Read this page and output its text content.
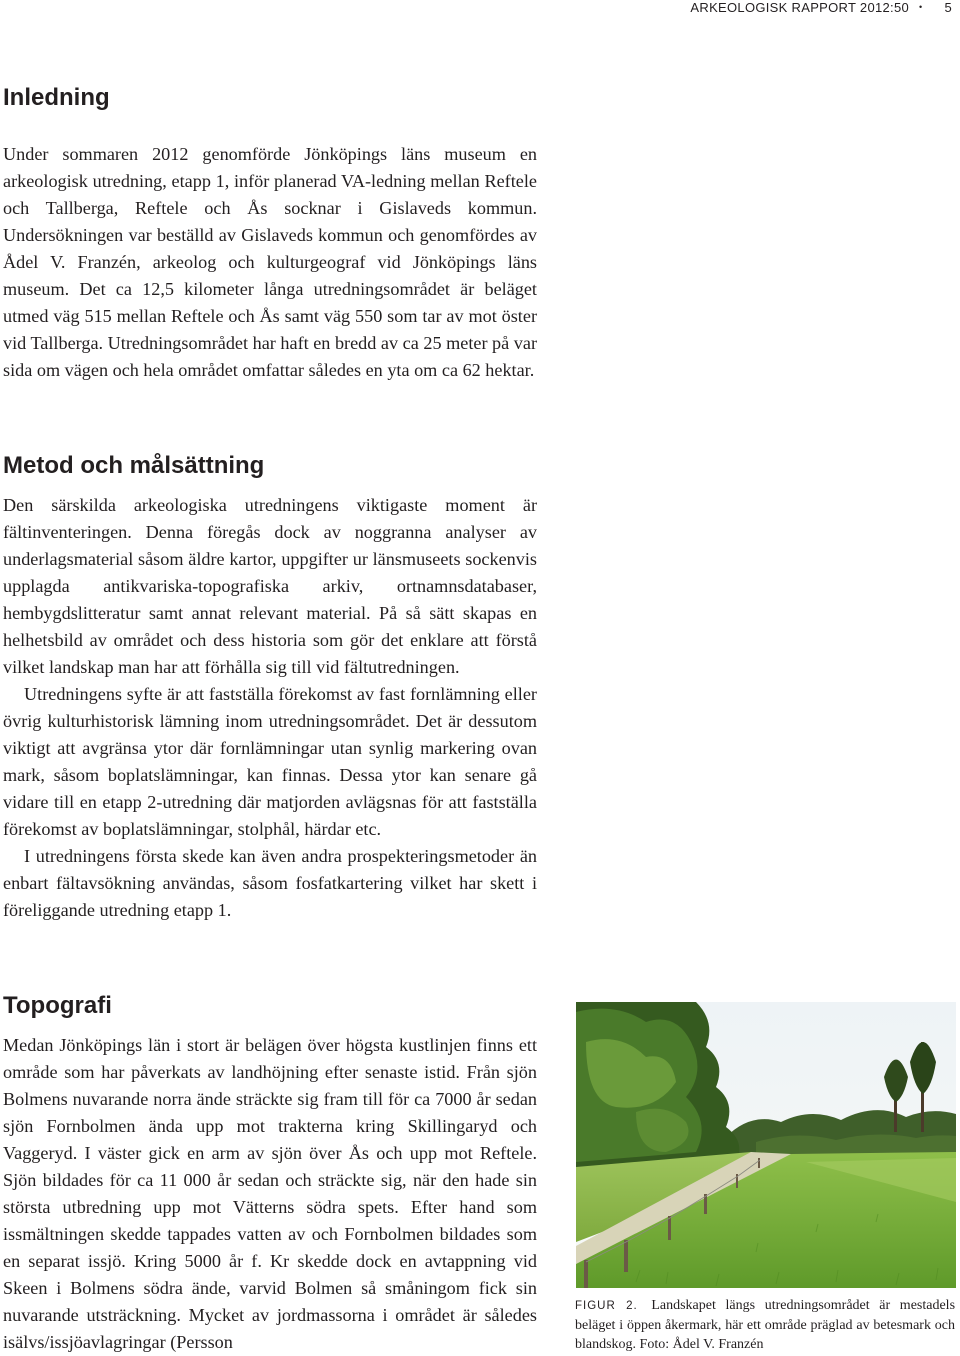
ARKEOLOGISK RAPPORT 2012:50 • 5
Inledning

Under sommaren 2012 genomförde Jönköpings läns museum en arkeologisk utredning, etapp 1, inför planerad VA-ledning mellan Reftele och Tallberga, Reftele och Ås socknar i Gislaveds kommun. Undersökningen var beställd av Gislaveds kommun och genomfördes av Ådel V. Franzén, arkeolog och kulturgeograf vid Jönköpings läns museum. Det ca 12,5 kilometer långa utredningsområdet är beläget utmed väg 515 mellan Reftele och Ås samt väg 550 som tar av mot öster vid Tallberga. Utredningsområdet har haft en bredd av ca 25 meter på var sida om vägen och hela området omfattar således en yta om ca 62 hektar.

Metod och målsättning

Den särskilda arkeologiska utredningens viktigaste moment är fältinventeringen. Denna föregås dock av noggranna analyser av underlagsmaterial såsom äldre kartor, uppgifter ur länsmuseets sockenvis upplagda antikvariska-topografiska arkiv, ortnamnsdatabaser, hembygdslitteratur samt annat relevant material. På så sätt skapas en helhetsbild av området och dess historia som gör det enklare att förstå vilket landskap man har att förhålla sig till vid fältutredningen.

Utredningens syfte är att fastställa förekomst av fast fornlämning eller övrig kulturhistorisk lämning inom utredningsområdet. Det är dessutom viktigt att avgränsa ytor där fornlämningar utan synlig markering ovan mark, såsom boplatslämningar, kan finnas. Dessa ytor kan senare gå vidare till en etapp 2-utredning där matjorden avlägsnas för att fastställa förekomst av boplatslämningar, stolphål, härdar etc.

I utredningens första skede kan även andra prospekteringsmetoder än enbart fältavsökning användas, såsom fosfatkartering vilket har skett i föreliggande utredning etapp 1.

Topografi

Medan Jönköpings län i stort är belägen över högsta kustlinjen finns ett område som har påverkats av landhöjning efter senaste istid. Från sjön Bolmens nuvarande norra ände sträckte sig fram till för ca 7000 år sedan sjön Fornbolmen ända upp mot trakterna kring Skillingaryd och Vaggeryd. I väster gick en arm av sjön över Ås och upp mot Reftele. Sjön bildades för ca 11 000 år sedan och sträckte sig, när den hade sin största utbredning upp mot Vätterns södra spets. Efter hand som issmältningen skedde tappades vatten av och Fornbolmen bildades som en separat issjö. Kring 5000 år f. Kr skedde dock en avtappning vid Skeen i Bolmens södra ände, varvid Bolmen så småningom fick sin nuvarande utsträckning. Mycket av jordmassorna i området är således isälvs/issjöavlagringar (Persson

FIGUR 2. Landskapet längs utredningsområdet är mestadels beläget i öppen åkermark, här ett område präglad av betesmark och blandskog. Foto: Ådel V. Franzén
